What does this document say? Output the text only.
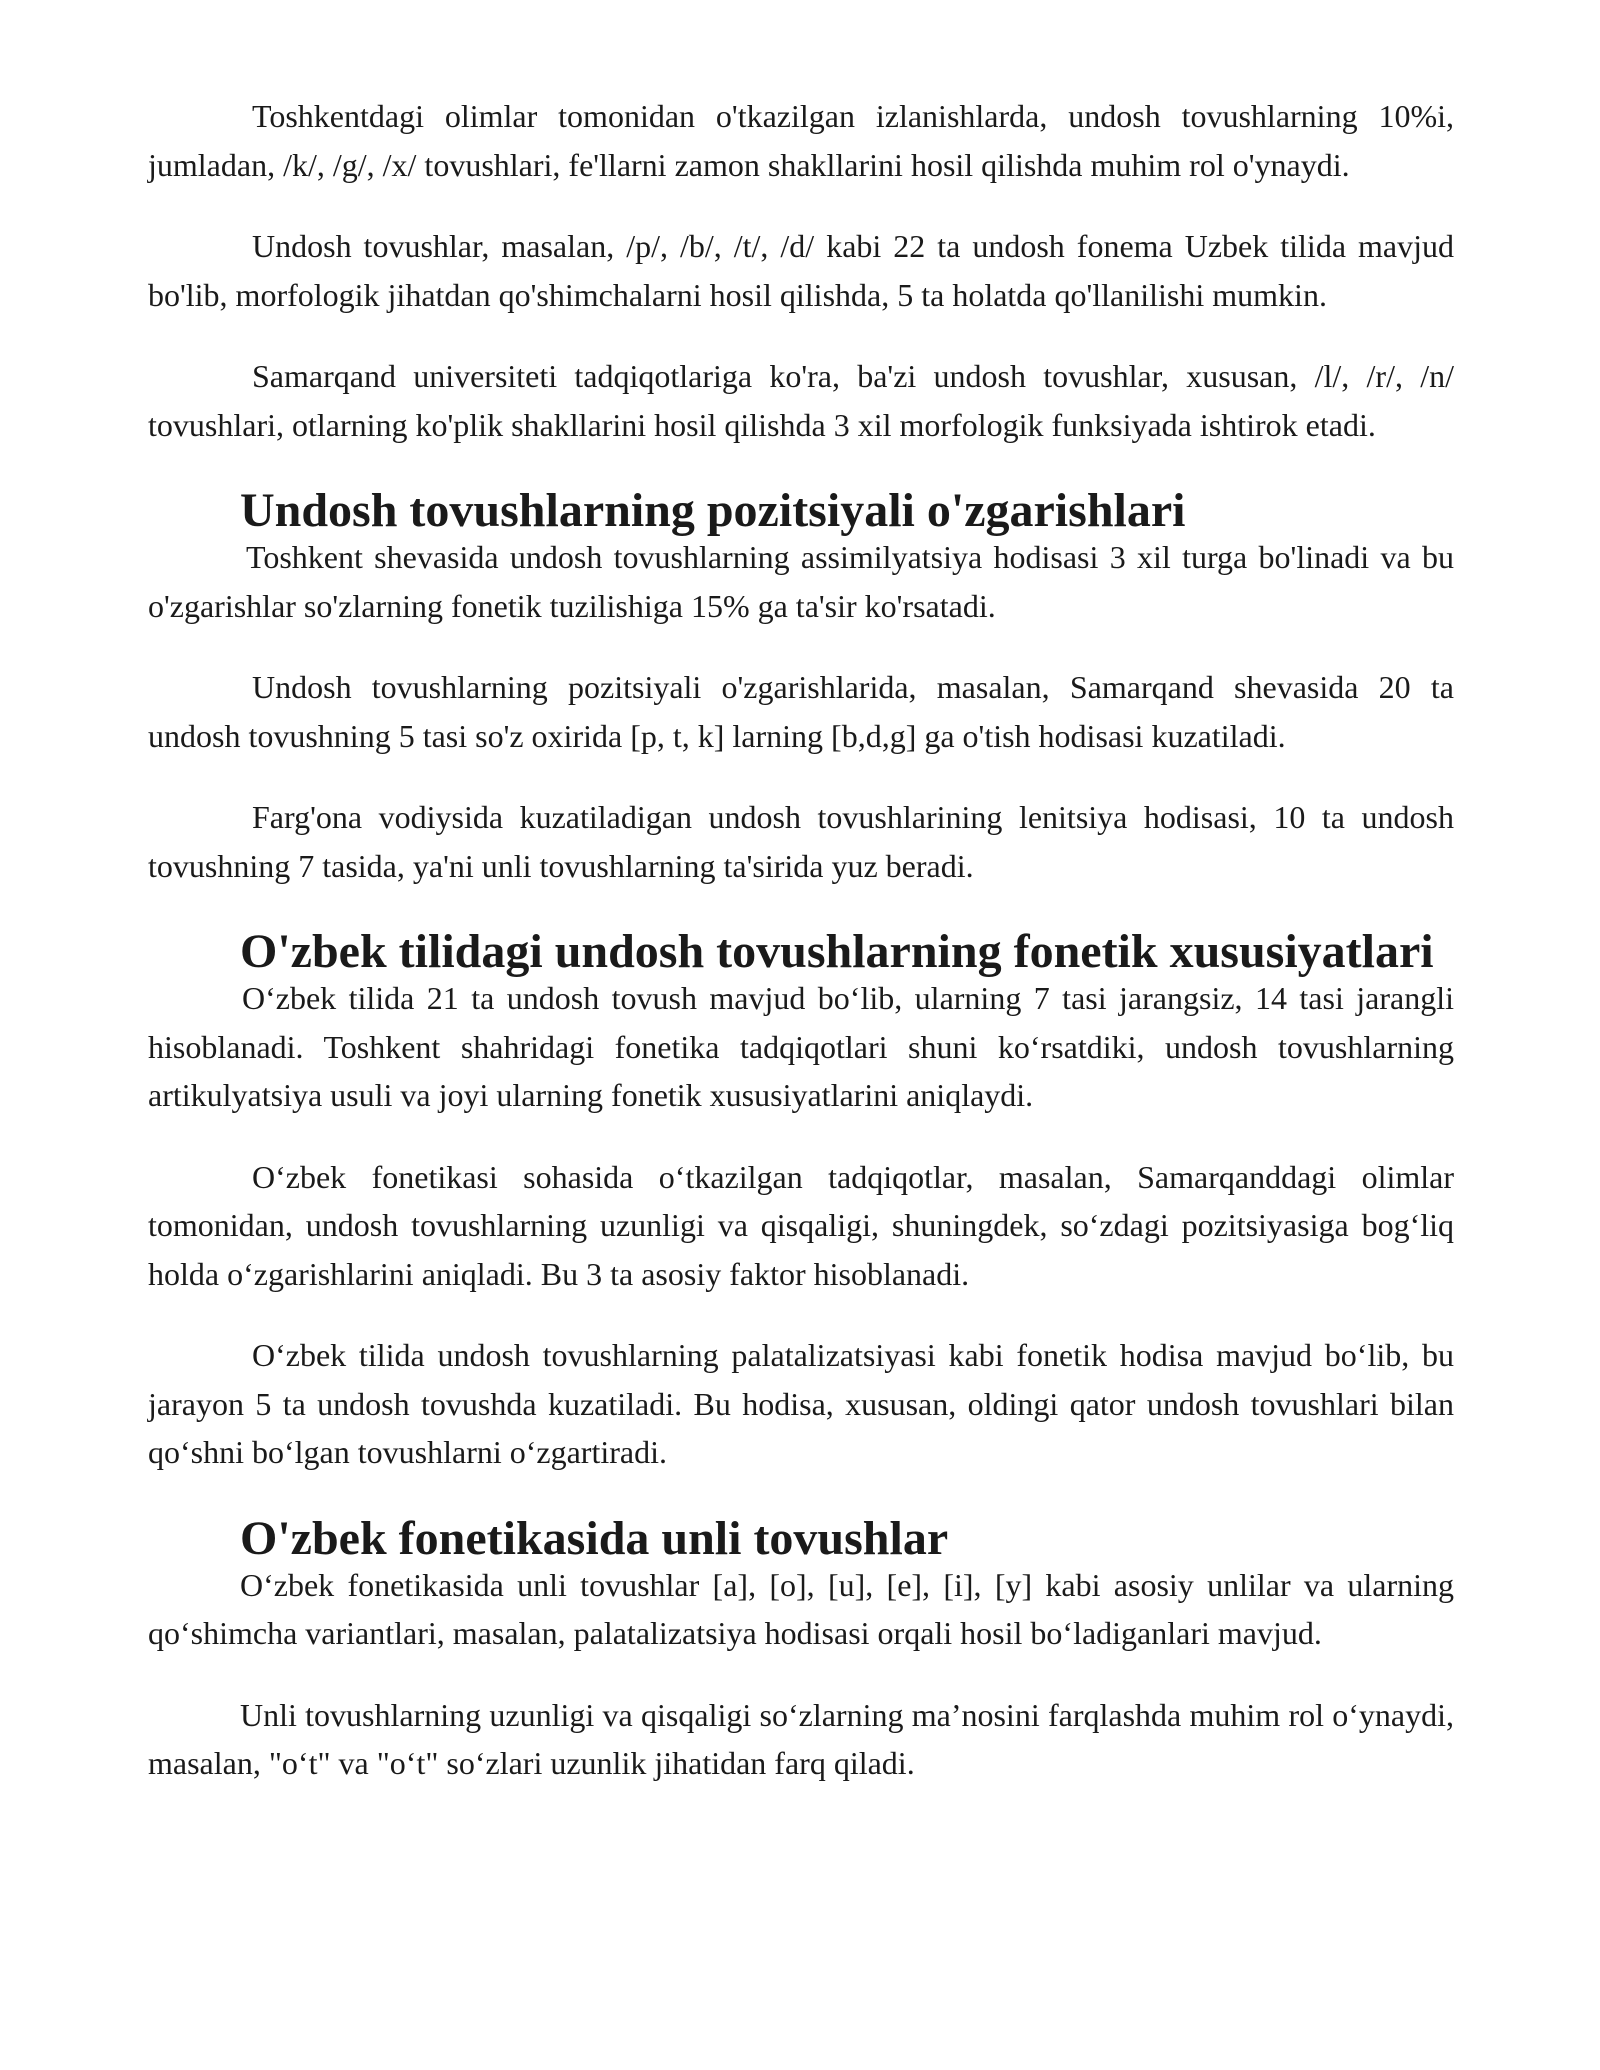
Toshkentdagi olimlar tomonidan o'tkazilgan izlanishlarda, undosh tovushlarning 10%i, jumladan, /k/, /g/, /x/ tovushlari, fe'llarni zamon shakllarini hosil qilishda muhim rol o'ynaydi.

Undosh tovushlar, masalan, /p/, /b/, /t/, /d/ kabi 22 ta undosh fonema Uzbek tilida mavjud bo'lib, morfologik jihatdan qo'shimchalarni hosil qilishda, 5 ta holatda qo'llanilishi mumkin.

Samarqand universiteti tadqiqotlariga ko'ra, ba'zi undosh tovushlar, xususan, /l/, /r/, /n/ tovushlari, otlarning ko'plik shakllarini hosil qilishda 3 xil morfologik funksiyada ishtirok etadi.

Undosh tovushlarning pozitsiyali o'zgarishlari

Toshkent shevasida undosh tovushlarning assimilyatsiya hodisasi 3 xil turga bo'linadi va bu o'zgarishlar so'zlarning fonetik tuzilishiga 15% ga ta'sir ko'rsatadi.

Undosh tovushlarning pozitsiyali o'zgarishlarida, masalan, Samarqand shevasida 20 ta undosh tovushning 5 tasi so'z oxirida [p, t, k] larning [b,d,g] ga o'tish hodisasi kuzatiladi.

Farg'ona vodiysida kuzatiladigan undosh tovushlarining lenitsiya hodisasi, 10 ta undosh tovushning 7 tasida, ya'ni unli tovushlarning ta'sirida yuz beradi.

O'zbek tilidagi undosh tovushlarning fonetik xususiyatlari

O‘zbek tilida 21 ta undosh tovush mavjud bo‘lib, ularning 7 tasi jarangsiz, 14 tasi jarangli hisoblanadi. Toshkent shahridagi fonetika tadqiqotlari shuni ko‘rsatdiki, undosh tovushlarning artikulyatsiya usuli va joyi ularning fonetik xususiyatlarini aniqlaydi.

O‘zbek fonetikasi sohasida o‘tkazilgan tadqiqotlar, masalan, Samarqanddagi olimlar tomonidan, undosh tovushlarning uzunligi va qisqaligi, shuningdek, so‘zdagi pozitsiyasiga bog‘liq holda o‘zgarishlarini aniqladi. Bu 3 ta asosiy faktor hisoblanadi.

O‘zbek tilida undosh tovushlarning palatalizatsiyasi kabi fonetik hodisa mavjud bo‘lib, bu jarayon 5 ta undosh tovushda kuzatiladi. Bu hodisa, xususan, oldingi qator undosh tovushlari bilan qo‘shni bo‘lgan tovushlarni o‘zgartiradi.

O'zbek fonetikasida unli tovushlar

O‘zbek fonetikasida unli tovushlar [a], [o], [u], [e], [i], [y] kabi asosiy unlilar va ularning qo‘shimcha variantlari, masalan, palatalizatsiya hodisasi orqali hosil bo‘ladiganlari mavjud.

Unli tovushlarning uzunligi va qisqaligi so‘zlarning ma’nosini farqlashda muhim rol o‘ynaydi, masalan, "o‘t" va "o‘t" so‘zlari uzunlik jihatidan farq qiladi.
